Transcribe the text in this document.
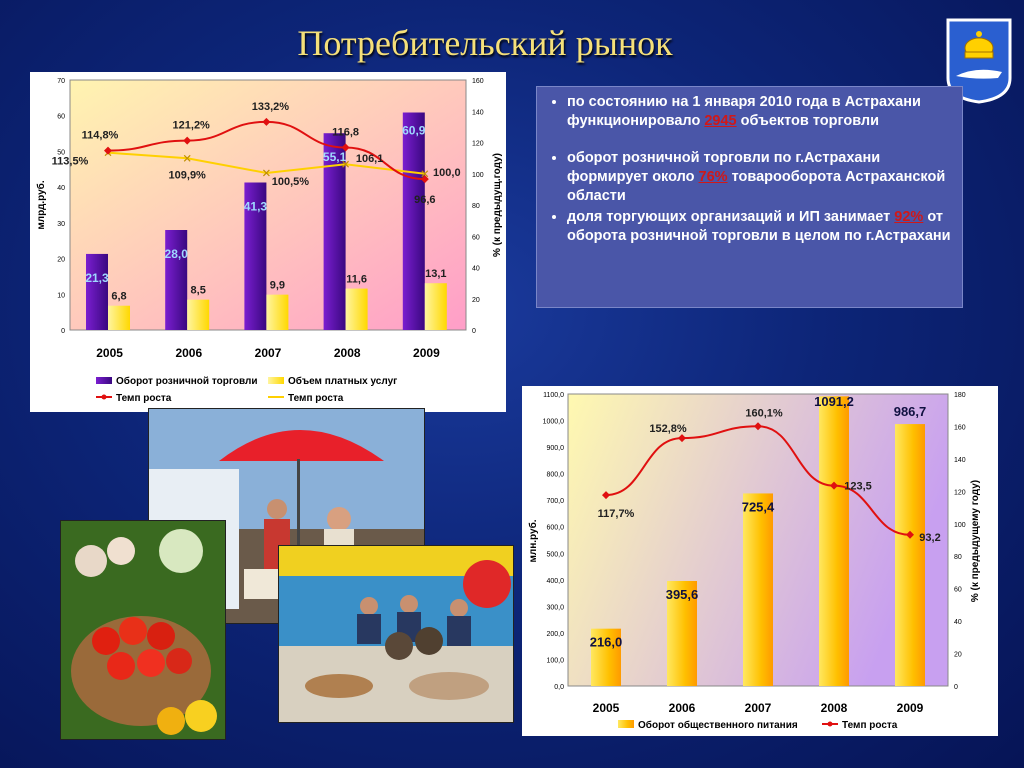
Потребительский рынок
• по состоянию на 1 января 2010 года в Астрахани функционировало 2945 объектов торговли
• оборот розничной торговли по г.Астрахани формирует около 76% товарооборота Астраханской области
• доля торгующих организаций и ИП занимает 92% от оборота розничной торговли в целом по г.Астрахани
0
10
20
30
40
50
60
70
0
20
40
60
80
100
120
140
160
2005	2006	2007	2008	2009
21,3
28,0
41,3
55,1
60,9
6,8
8,5	9,9
11,6	13,1
114,8%
121,2%
133,2%
116,8
96,6
113,5%
109,9%
100,5%
106,1
100,0
млрд.руб.	% (к предыдущ.году)
Оборот розничной торговли	Объем платных услуг
Темп роста	Темп роста
0,0
100,0
200,0
300,0
400,0
500,0
600,0
700,0
800,0
900,0
1000,0
1100,0
0
20
40
60
80
100
120
140
160
180
2005	2006	2007	2008	2009
216,0
395,6
725,4
1091,2
986,7
117,7%
152,8%
160,1%
123,5
93,2
млн.руб.	% (к предыдущему году)
Оборот общественного питания	Темп роста
